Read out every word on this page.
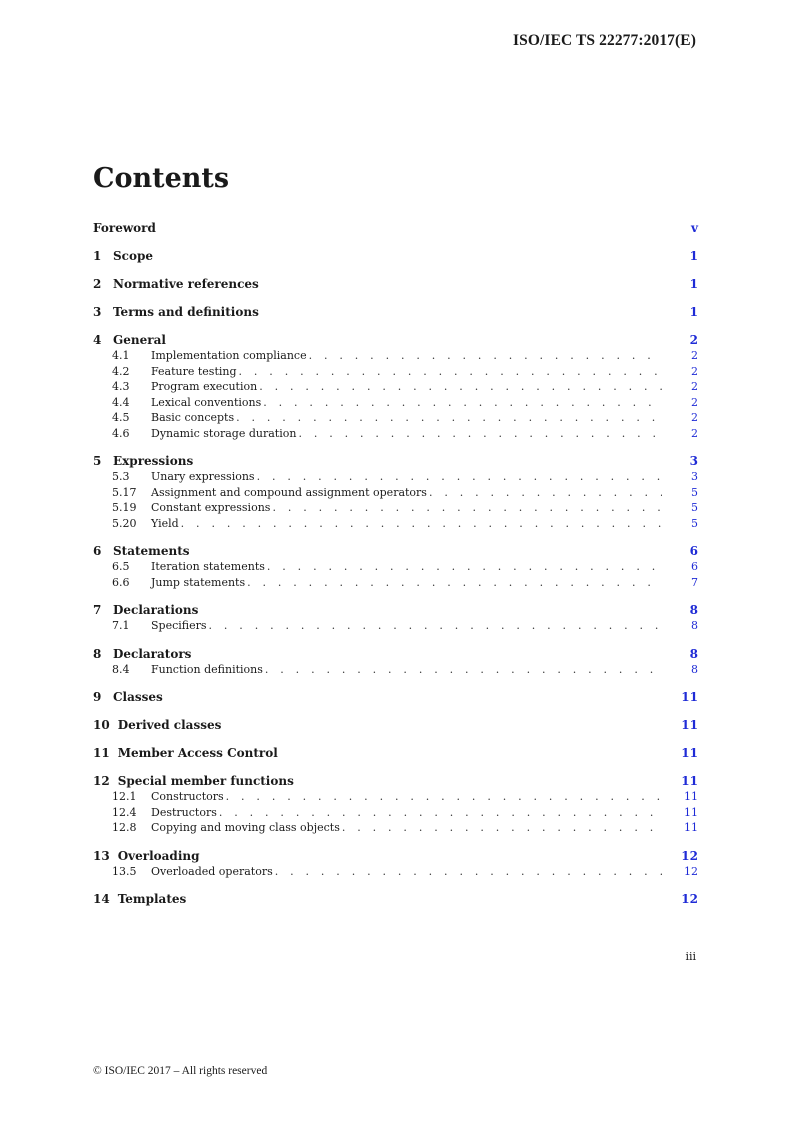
ISO/IEC TS 22277:2017(E)
Contents
Foreword	v
1 Scope	1
2 Normative references	1
3 Terms and definitions	1
4 General	2
4.1	Implementation compliance . . .	2
4.2	Feature testing . . .	2
4.3	Program execution . . .	2
4.4	Lexical conventions . . .	2
4.5	Basic concepts . . .	2
4.6	Dynamic storage duration . . .	2
5 Expressions	3
5.3	Unary expressions . . .	3
5.17	Assignment and compound assignment operators . . .	5
5.19	Constant expressions . . .	5
5.20	Yield . . .	5
6 Statements	6
6.5	Iteration statements . . .	6
6.6	Jump statements . . .	7
7 Declarations	8
7.1	Specifiers . . .	8
8 Declarators	8
8.4	Function definitions . . .	8
9 Classes	11
10 Derived classes	11
11 Member Access Control	11
12 Special member functions	11
12.1	Constructors . . .	11
12.4	Destructors . . .	11
12.8	Copying and moving class objects . . .	11
13 Overloading	12
13.5	Overloaded operators . . .	12
14 Templates	12
iii
© ISO/IEC 2017 – All rights reserved
